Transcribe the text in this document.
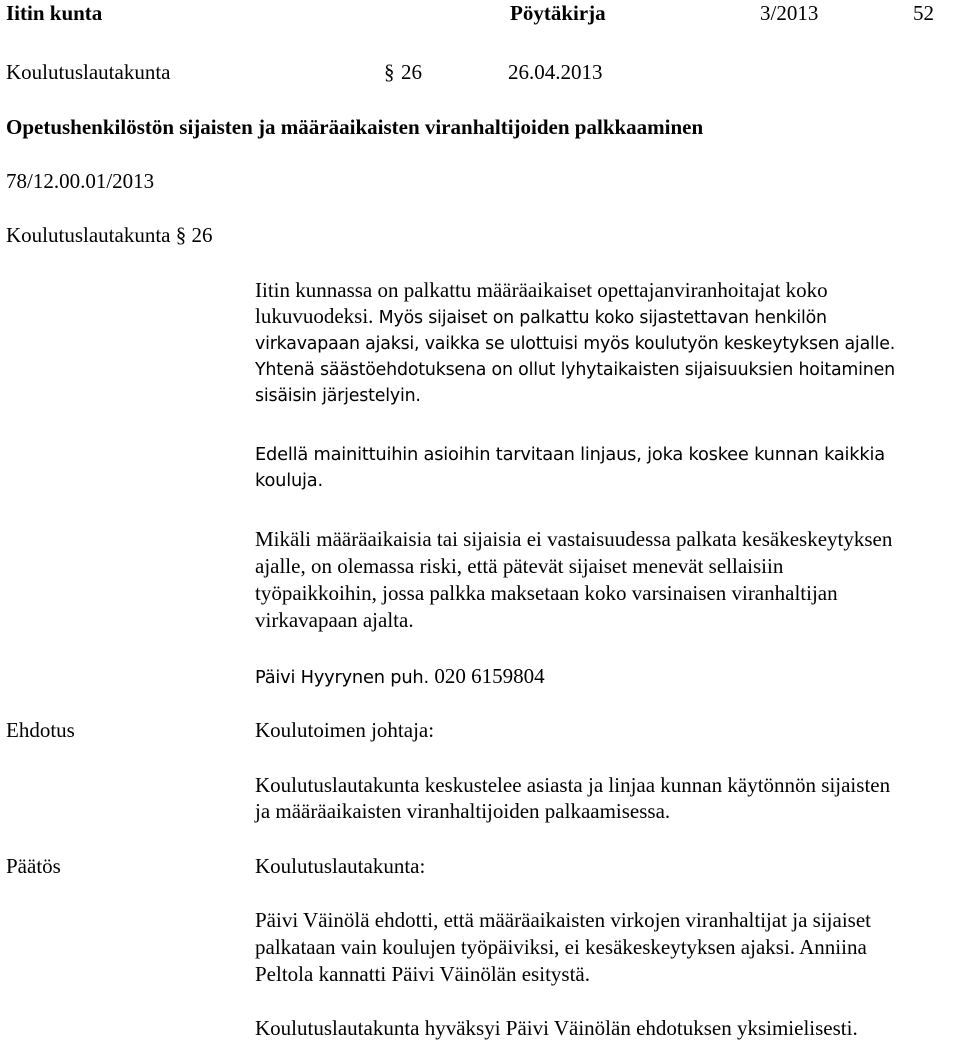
Iitin kunta	Pöytäkirja	3/2013	52
Koulutuslautakunta	§ 26	26.04.2013
Opetushenkilöstön sijaisten ja määräaikaisten viranhaltijoiden palkkaaminen
78/12.00.01/2013
Koulutuslautakunta § 26
Iitin kunnassa on palkattu määräaikaiset opettajanviranhoitajat koko
lukuvuodeksi. Myös sijaiset on palkattu koko sijastettavan henkilön
virkavapaan ajaksi, vaikka se ulottuisi myös koulutyön keskeytyksen ajalle.
Yhtenä säästöehdotuksena on ollut lyhytaikaisten sijaisuuksien hoitaminen
sisäisin järjestelyin.
Edellä mainittuihin asioihin tarvitaan linjaus, joka koskee kunnan kaikkia
kouluja.
Mikäli määräaikaisia tai sijaisia ei vastaisuudessa palkata kesäkeskeytyksen
ajalle, on olemassa riski, että pätevät sijaiset menevät sellaisiin
työpaikkoihin, jossa palkka maksetaan koko varsinaisen viranhaltijan
virkavapaan ajalta.
Päivi Hyyrynen puh. 020 6159804
Ehdotus	Koulutoimen johtaja:
Koulutuslautakunta keskustelee asiasta ja linjaa kunnan käytönnön sijaisten
ja määräaikaisten viranhaltijoiden palkaamisessa.
Päätös	Koulutuslautakunta:
Päivi Väinölä ehdotti, että määräaikaisten virkojen viranhaltijat ja sijaiset
palkataan vain koulujen työpäiviksi, ei kesäkeskeytyksen ajaksi. Anniina
Peltola kannatti Päivi Väinölän esitystä.
Koulutuslautakunta hyväksyi Päivi Väinölän ehdotuksen yksimielisesti.
